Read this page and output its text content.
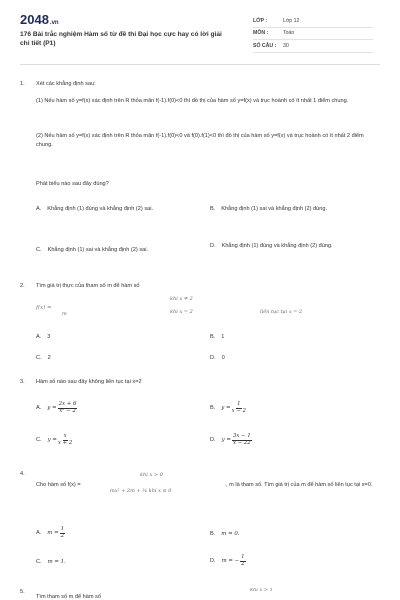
2048.vn
176 Bài trắc nghiệm Hàm số từ đề thi Đại học cực hay có lời giải chi tiết (P1)
LỚP :	Lớp 12
MÔN :	Toán
SỐ CÂU :	30
1. Xét các khẳng định sau:
(1) Nếu hàm số y=f(x) xác định trên R thỏa mãn f(-1).f(0)<0 thì đồ thị của hàm số y=f(x) và trục hoành có ít nhất 1 điểm chung.
(2) Nếu hàm số y=f(x) xác định trên R thỏa mãn f(-1).f(0)<0 và f(0).f(1)<0 thì đồ thị của hàm số y=f(x) và trục hoành có ít nhất 2 điểm chung.
Phát biểu nào sau đây đúng?
A. Khẳng định (1) đúng và khẳng định (2) sai.	B. Khẳng định (1) sai và khẳng định (2) đúng.
C. Khẳng định (1) sai và khẳng định (2) sai.
D. Khẳng định (1) đúng và khẳng định (2) đúng.
2. Tìm giá trị thực của tham số m để hàm số
f(x) =
m
khi x ≠ 2
khi x = 2	liên tục tại x = 2
A. 3	B. 1
C. 2	D. 0
3. Hàm số nào sau đây không liên tục tại x=2
A. $y = \frac{2x + 6}{\text{x² − 2}}$	B. $y = \frac{1}{x - 2}$
C. $y = \frac{x}{x + 2}$	D. $y = \frac{3x - 1}{x - 22}$
4.	khi x > 0
Cho hàm số f(x) =
mx² + 2m + ¼ khi x ≤ 0
, m là tham số. Tìm giá trị của m để hàm số liên tục tại x=0.
A. $m = \frac{1}{2}$	B. m = 0.
C. m = 1.	D. m = − $\frac{1}{2}$
5.
Tìm tham số m để hàm số
khi x > 1
